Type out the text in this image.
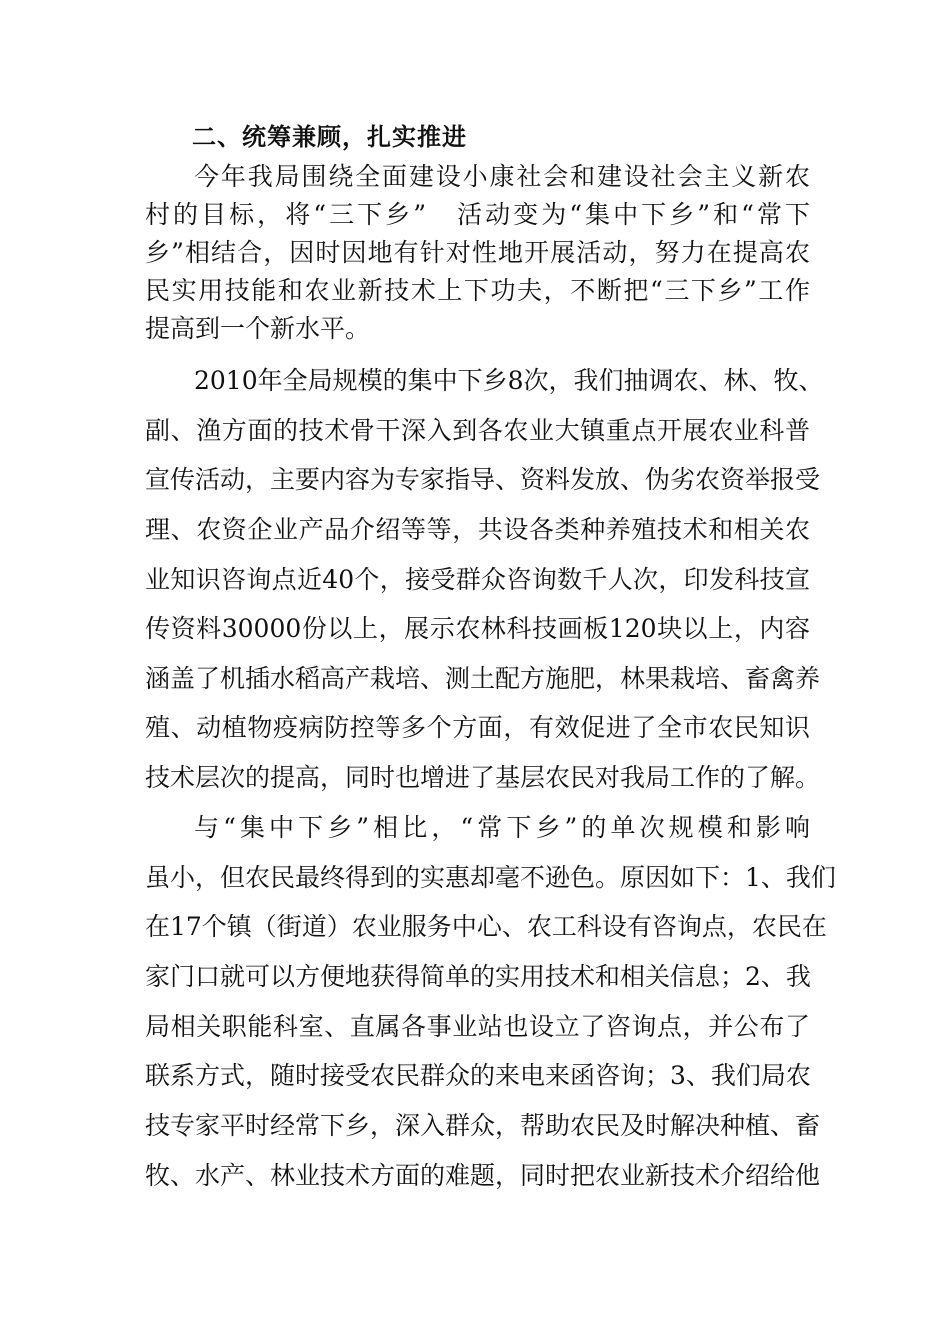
二、统筹兼顾，扎实推进
今年我局围绕全面建设小康社会和建设社会主义新农
村的目标，将“三下乡”　活动变为“集中下乡”和“常下
乡”相结合，因时因地有针对性地开展活动，努力在提高农
民实用技能和农业新技术上下功夫，不断把“三下乡”工作
提高到一个新水平。
2010年全局规模的集中下乡8次，我们抽调农、林、牧、
副、渔方面的技术骨干深入到各农业大镇重点开展农业科普
宣传活动，主要内容为专家指导、资料发放、伪劣农资举报受
理、农资企业产品介绍等等，共设各类种养殖技术和相关农
业知识咨询点近40个，接受群众咨询数千人次，印发科技宣
传资料30000份以上，展示农林科技画板120块以上，内容
涵盖了机插水稻高产栽培、测土配方施肥，林果栽培、畜禽养
殖、动植物疫病防控等多个方面，有效促进了全市农民知识
技术层次的提高，同时也增进了基层农民对我局工作的了解。
与“集中下乡”相比，“常下乡”的单次规模和影响
虽小，但农民最终得到的实惠却毫不逊色。原因如下：1、我们
在17个镇（街道）农业服务中心、农工科设有咨询点，农民在
家门口就可以方便地获得简单的实用技术和相关信息；2、我
局相关职能科室、直属各事业站也设立了咨询点，并公布了
联系方式，随时接受农民群众的来电来函咨询；3、我们局农
技专家平时经常下乡，深入群众，帮助农民及时解决种植、畜
牧、水产、林业技术方面的难题，同时把农业新技术介绍给他
